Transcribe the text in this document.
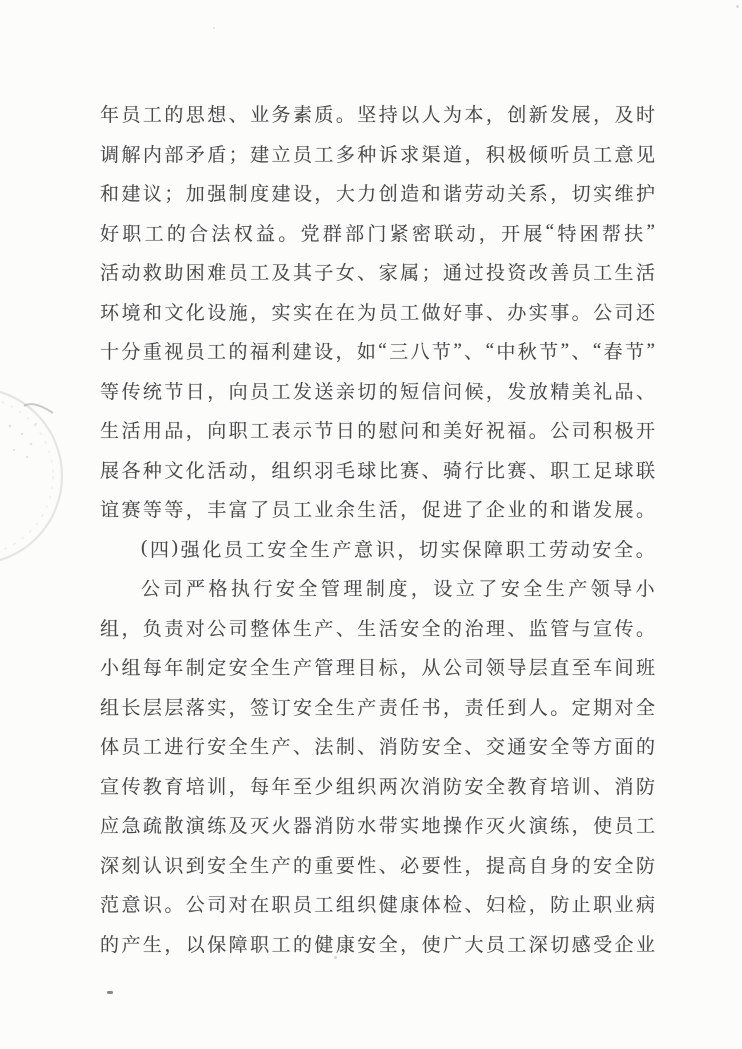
年 员 工 的 思 想 、 业 务 素 质 。 坚 持 以 人 为 本 ， 创 新 发 展 ， 及 时
调 解 内 部 矛 盾 ； 建 立 员 工 多 种 诉 求 渠 道 ， 积 极 倾 听 员 工 意 见
和 建 议 ； 加 强 制 度 建 设 ， 大 力 创 造 和 谐 劳 动 关 系 ， 切 实 维 护
好 职 工 的 合 法 权 益 。 党 群 部 门 紧 密 联 动 ， 开 展 “ 特 困 帮 扶 ”
活 动 救 助 困 难 员 工 及 其 子 女 、 家 属 ； 通 过 投 资 改 善 员 工 生 活
环 境 和 文 化 设 施 ， 实 实 在 在 为 员 工 做 好 事 、 办 实 事 。 公 司 还
十 分 重 视 员 工 的 福 利 建 设 ， 如 “ 三 八 节 ” 、 “ 中 秋 节 ” 、 “ 春 节 ”
等 传 统 节 日 ， 向 员 工 发 送 亲 切 的 短 信 问 候 ， 发 放 精 美 礼 品 、
生 活 用 品 ， 向 职 工 表 示 节 日 的 慰 问 和 美 好 祝 福 。 公 司 积 极 开
展 各 种 文 化 活 动 ， 组 织 羽 毛 球 比 赛 、 骑 行 比 赛 、 职 工 足 球 联
谊 赛 等 等 ， 丰 富 了 员 工 业 余 生 活 ， 促 进 了 企 业 的 和 谐 发 展 。
( 四 ) 强 化 员 工 安 全 生 产 意 识 ， 切 实 保 障 职 工 劳 动 安 全 。
公 司 严 格 执 行 安 全 管 理 制 度 ， 设 立 了 安 全 生 产 领 导 小
组 ， 负 责 对 公 司 整 体 生 产 、 生 活 安 全 的 治 理 、 监 管 与 宣 传 。
小 组 每 年 制 定 安 全 生 产 管 理 目 标 ， 从 公 司 领 导 层 直 至 车 间 班
组 长 层 层 落 实 ， 签 订 安 全 生 产 责 任 书 ， 责 任 到 人 。 定 期 对 全
体 员 工 进 行 安 全 生 产 、 法 制 、 消 防 安 全 、 交 通 安 全 等 方 面 的
宣 传 教 育 培 训 ， 每 年 至 少 组 织 两 次 消 防 安 全 教 育 培 训 、 消 防
应 急 疏 散 演 练 及 灭 火 器 消 防 水 带 实 地 操 作 灭 火 演 练 ， 使 员 工
深 刻 认 识 到 安 全 生 产 的 重 要 性 、 必 要 性 ， 提 高 自 身 的 安 全 防
范 意 识 。 公 司 对 在 职 员 工 组 织 健 康 体 检 、 妇 检 ， 防 止 职 业 病
的 产 生 ， 以 保 障 职 工 的 健 康 安 全 ， 使 广 大 员 工 深 切 感 受 企 业
